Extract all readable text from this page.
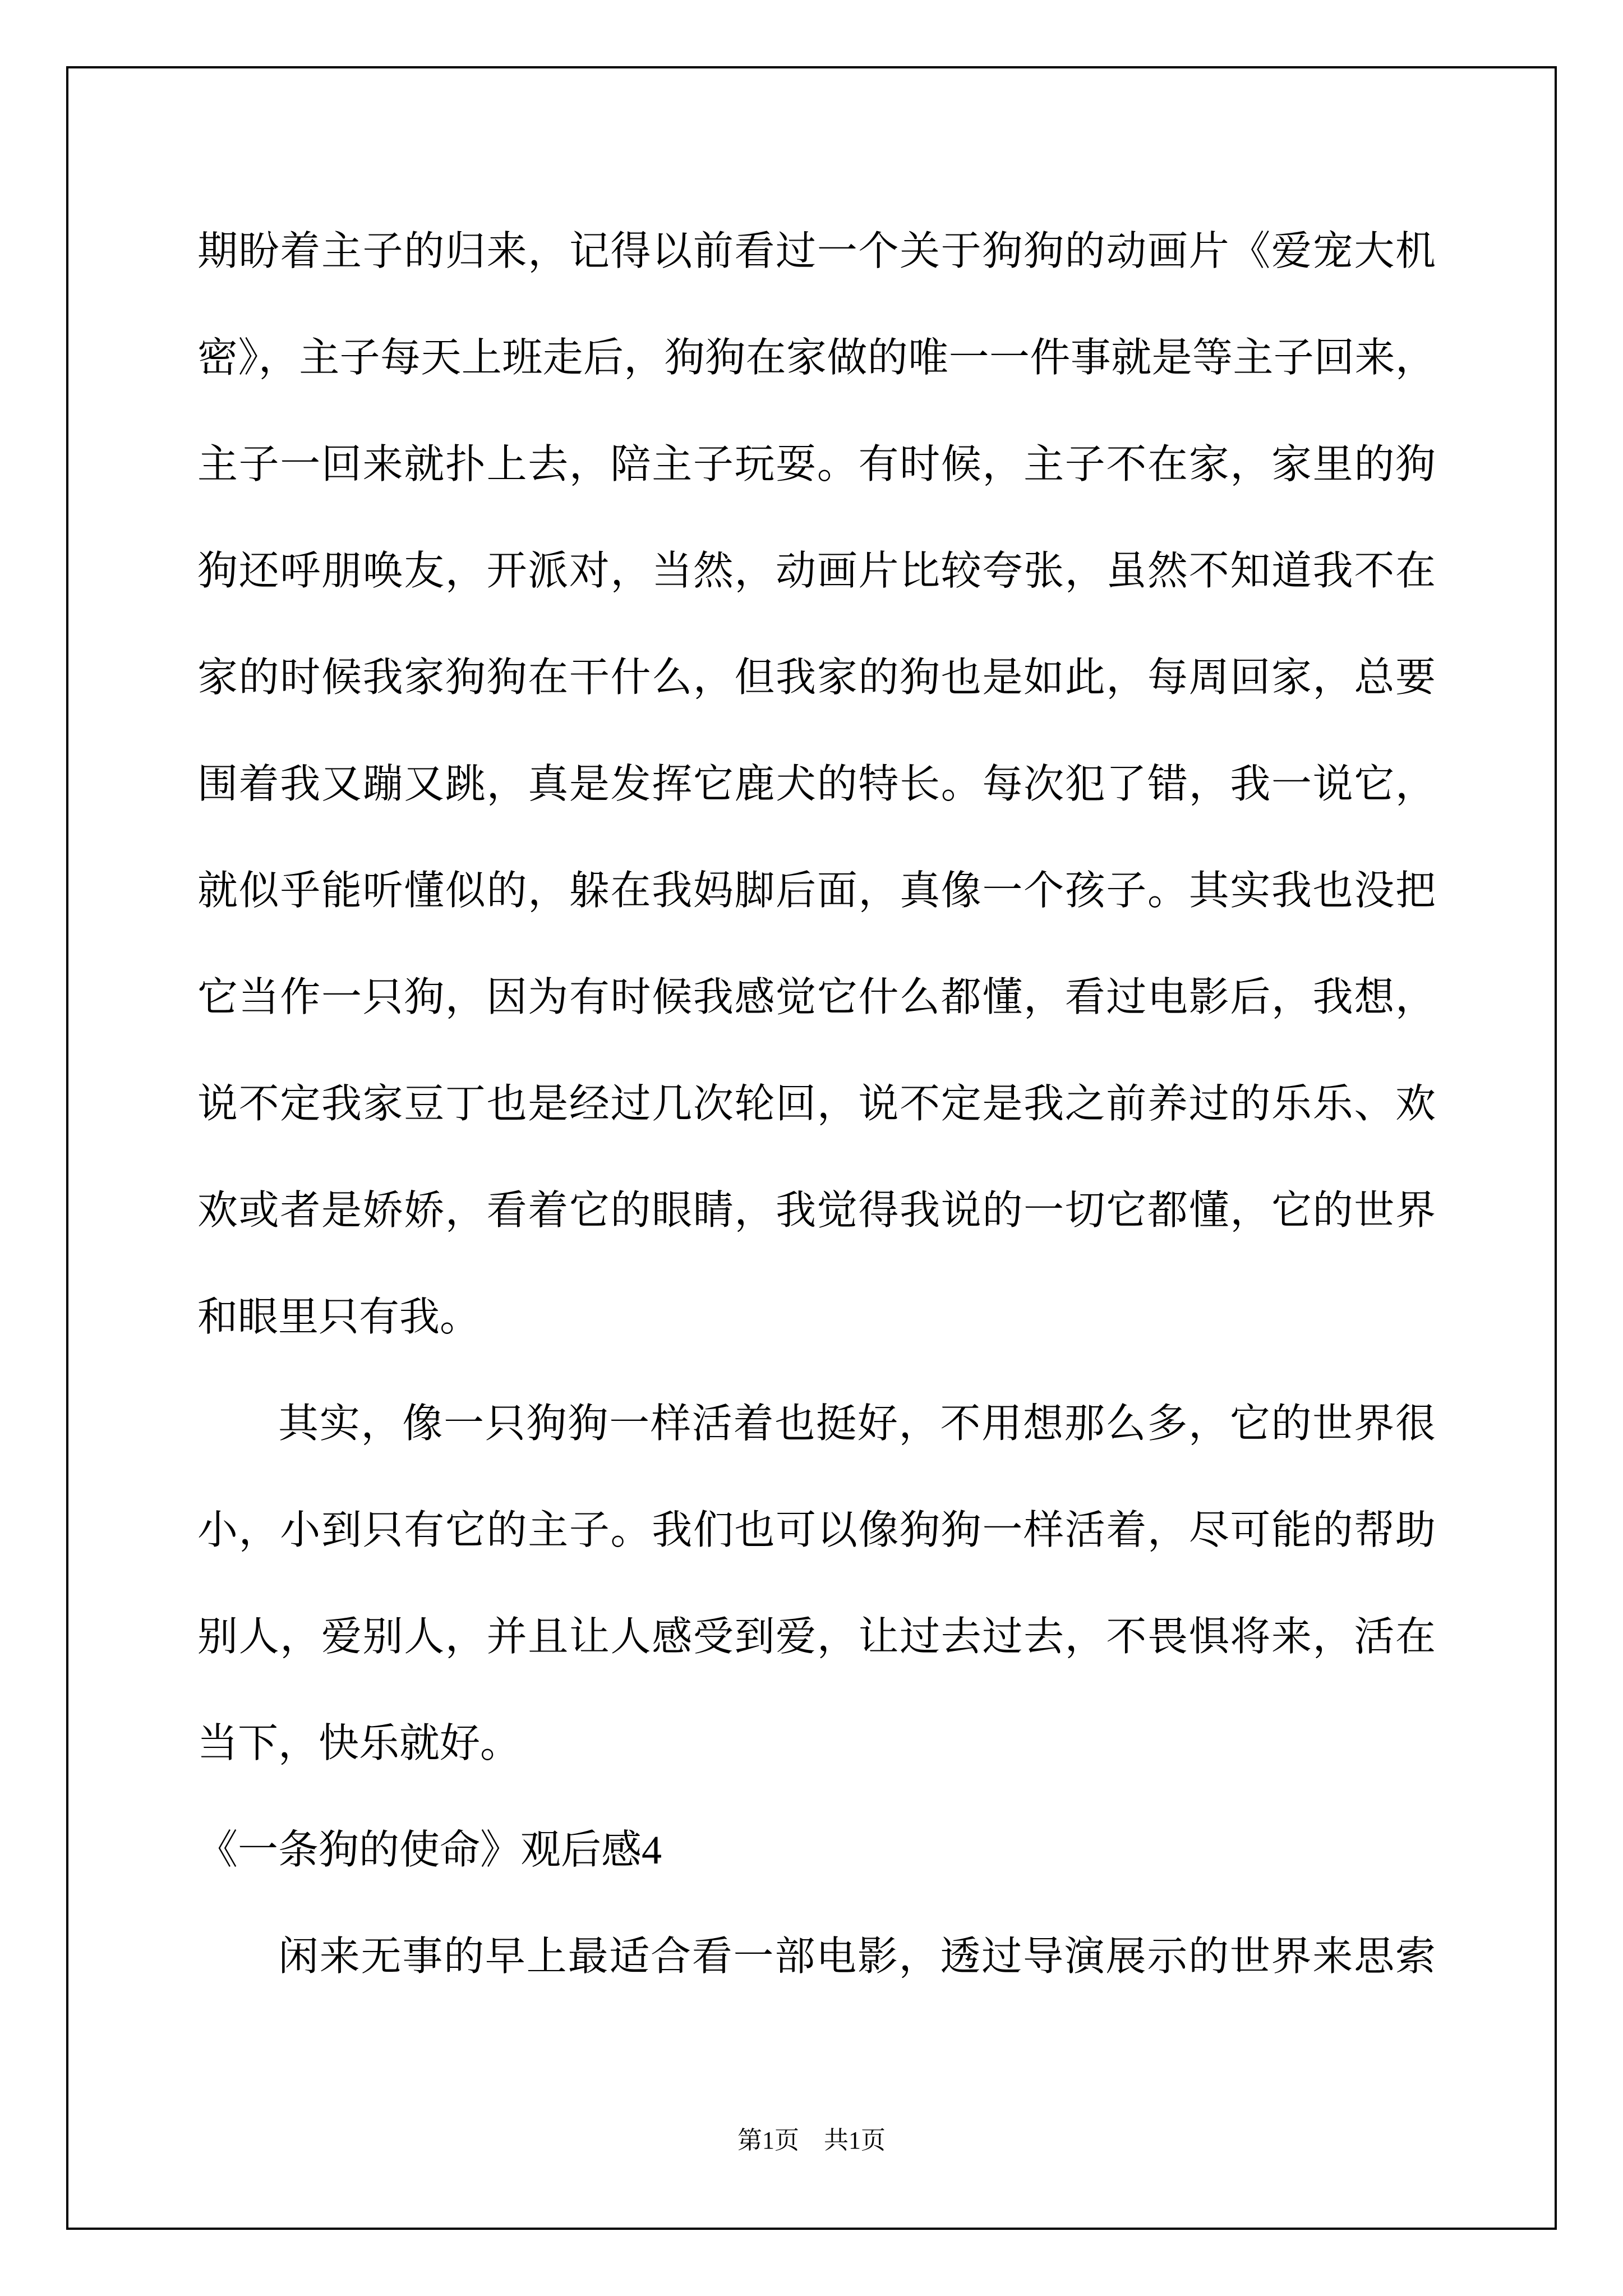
期盼着主子的归来，记得以前看过一个关于狗狗的动画片《爱宠大机
密》，主子每天上班走后，狗狗在家做的唯一一件事就是等主子回来，
主子一回来就扑上去，陪主子玩耍。有时候，主子不在家，家里的狗
狗还呼朋唤友，开派对，当然，动画片比较夸张，虽然不知道我不在
家的时候我家狗狗在干什么，但我家的狗也是如此，每周回家，总要
围着我又蹦又跳，真是发挥它鹿犬的特长。每次犯了错，我一说它，
就似乎能听懂似的，躲在我妈脚后面，真像一个孩子。其实我也没把
它当作一只狗，因为有时候我感觉它什么都懂，看过电影后，我想，
说不定我家豆丁也是经过几次轮回，说不定是我之前养过的乐乐、欢
欢或者是娇娇，看着它的眼睛，我觉得我说的一切它都懂，它的世界
和眼里只有我。
其实，像一只狗狗一样活着也挺好，不用想那么多，它的世界很
小，小到只有它的主子。我们也可以像狗狗一样活着，尽可能的帮助
别人，爱别人，并且让人感受到爱，让过去过去，不畏惧将来，活在
当下，快乐就好。
《一条狗的使命》观后感4
闲来无事的早上最适合看一部电影，透过导演展示的世界来思索
第1页　共1页
